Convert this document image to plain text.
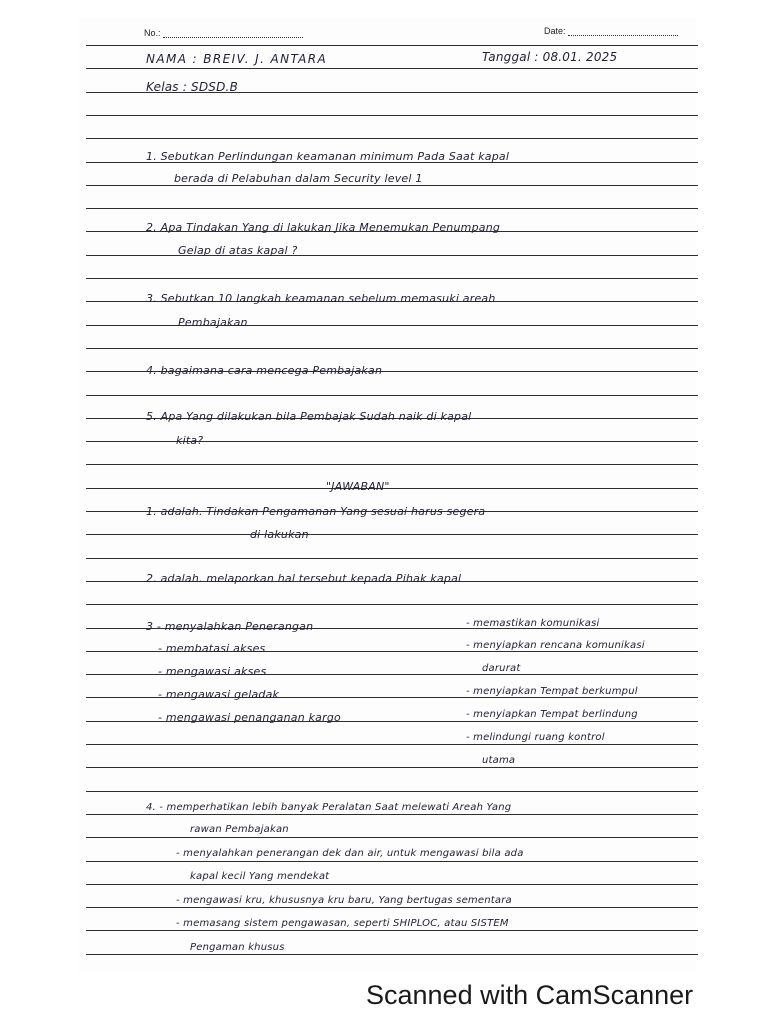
No.:	Date:
NAMA : BREIV. J. ANTARA	Tanggal : 08.01. 2025
Kelas : SDSD.B
1. Sebutkan Perlindungan keamanan minimum Pada Saat kapal
berada di Pelabuhan dalam Security level 1
2. Apa Tindakan Yang di lakukan Jika Menemukan Penumpang
Gelap di atas kapal ?
3. Sebutkan 10 langkah keamanan sebelum memasuki areah
Pembajakan
4. bagaimana cara mencega Pembajakan
5. Apa Yang dilakukan bila Pembajak Sudah naik di kapal
kita?
"JAWABAN"
1. adalah. Tindakan Pengamanan Yang sesuai harus segera
di lakukan
2. adalah. melaporkan hal tersebut kepada Pihak kapal
3 - menyalahkan Penerangan
- membatasi akses
- mengawasi akses
- mengawasi geladak
- mengawasi penanganan kargo
- memastikan komunikasi
- menyiapkan rencana komunikasi
darurat
- menyiapkan Tempat berkumpul
- menyiapkan Tempat berlindung
- melindungi ruang kontrol
utama
4. - memperhatikan lebih banyak Peralatan Saat melewati Areah Yang
rawan Pembajakan
- menyalahkan penerangan dek dan air, untuk mengawasi bila ada
kapal kecil Yang mendekat
- mengawasi kru, khususnya kru baru, Yang bertugas sementara
- memasang sistem pengawasan, seperti SHIPLOC, atau SISTEM
Pengaman khusus
Scanned with CamScanner
